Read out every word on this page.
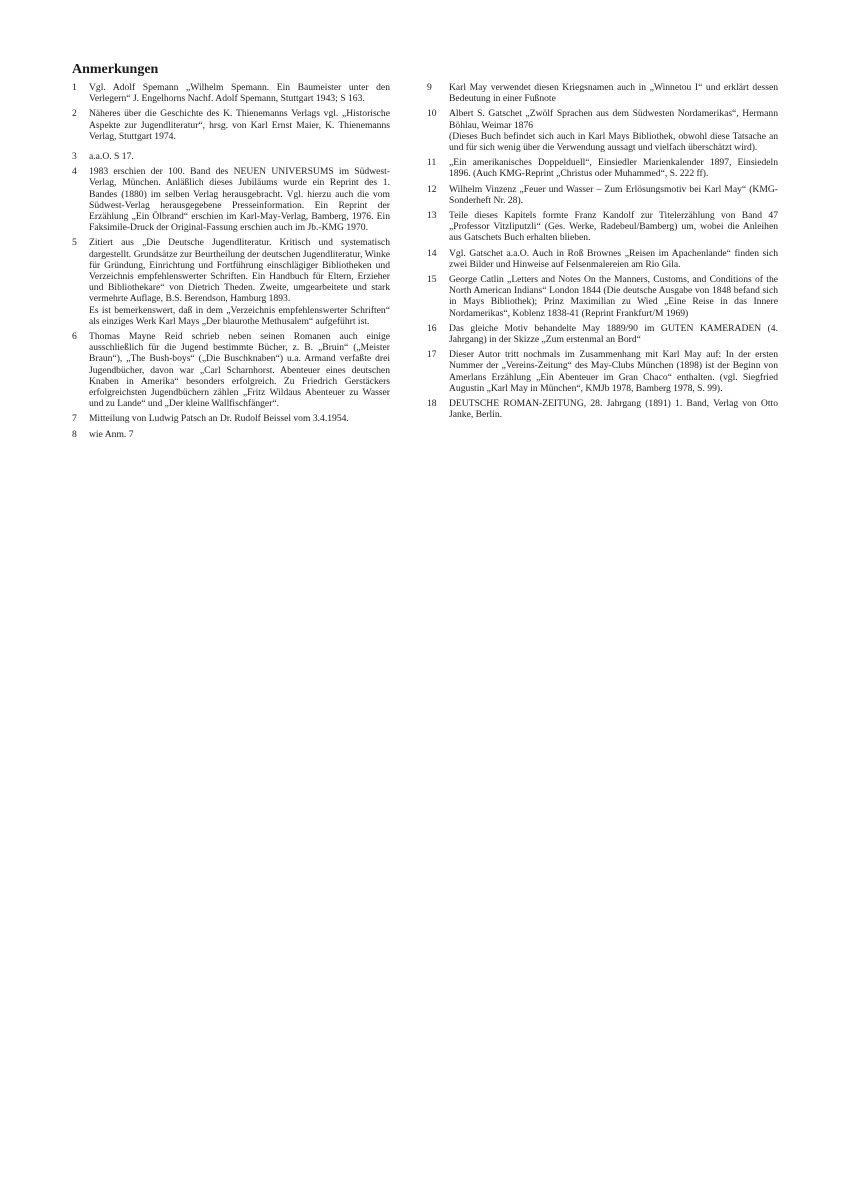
Anmerkungen
1	Vgl. Adolf Spemann „Wilhelm Spemann. Ein Baumeister unter den Verlegern“ J. Engelhorns Nachf. Adolf Spemann, Stuttgart 1943; S 163.
2	Näheres über die Geschichte des K. Thienemanns Verlags vgl. „Historische Aspekte zur Jugendliteratur“, hrsg. von Karl Ernst Maier, K. Thienemanns Verlag, Stuttgart 1974.
3	a.a.O. S 17.
4	1983 erschien der 100. Band des NEUEN UNIVERSUMS im Südwest-Verlag, München. Anläßlich dieses Jubiläums wurde ein Reprint des 1. Bandes (1880) im selben Verlag herausgebracht. Vgl. hierzu auch die vom Südwest-Verlag herausgegebene Presseinformation. Ein Reprint der Erzählung „Ein Ölbrand“ erschien im Karl-May-Verlag, Bamberg, 1976. Ein Faksimile-Druck der Original-Fassung erschien auch im Jb.-KMG 1970.
5	Zitiert aus „Die Deutsche Jugendliteratur. Kritisch und systematisch dargestellt. Grundsätze zur Beurtheilung der deutschen Jugendliteratur, Winke für Gründung, Einrichtung und Fortführung einschlägiger Bibliotheken und Verzeichnis empfehlenswerter Schriften. Ein Handbuch für Eltern, Erzieher und Bibliothekare“ von Dietrich Theden. Zweite, umgearbeitete und stark vermehrte Auflage, B.S. Berendson, Hamburg 1893.
Es ist bemerkenswert, daß in dem „Verzeichnis empfehlenswerter Schriften“ als einziges Werk Karl Mays „Der blaurothe Methusalem“ aufgeführt ist.
6	Thomas Mayne Reid schrieb neben seinen Romanen auch einige ausschließlich für die Jugend bestimmte Bücher, z. B. „Bruin“ („Meister Braun“), „The Bush-boys“ („Die Buschknaben“) u.a. Armand verfaßte drei Jugendbücher, davon war „Carl Scharnhorst. Abenteuer eines deutschen Knaben in Amerika“ besonders erfolgreich. Zu Friedrich Gerstäckers erfolgreichsten Jugendbüchern zählen „Fritz Wildaus Abenteuer zu Wasser und zu Lande“ und „Der kleine Wallfischfänger“.
7	Mitteilung von Ludwig Patsch an Dr. Rudolf Beissel vom 3.4.1954.
8	wie Anm. 7
9	Karl May verwendet diesen Kriegsnamen auch in „Winnetou I“ und erklärt dessen Bedeutung in einer Fußnote
10	Albert S. Gatschet „Zwölf Sprachen aus dem Südwesten Nordamerikas“, Hermann Böhlau, Weimar 1876
(Dieses Buch befindet sich auch in Karl Mays Bibliothek, obwohl diese Tatsache an und für sich wenig über die Verwendung aussagt und vielfach überschätzt wird).
11	„Ein amerikanisches Doppelduell“, Einsiedler Marienkalender 1897, Einsiedeln 1896. (Auch KMG-Reprint „Christus oder Muhammed“, S. 222 ff).
12	Wilhelm Vinzenz „Feuer und Wasser – Zum Erlösungsmotiv bei Karl May“ (KMG-Sonderheft Nr. 28).
13	Teile dieses Kapitels formte Franz Kandolf zur Titelerzählung von Band 47 „Professor Vitzliputzli“ (Ges. Werke, Radebeul/Bamberg) um, wobei die Anleihen aus Gatschets Buch erhalten blieben.
14	Vgl. Gatschet a.a.O. Auch in Roß Brownes „Reisen im Apachenlande“ finden sich zwei Bilder und Hinweise auf Felsenmalereien am Rio Gila.
15	George Catlin „Letters and Notes On the Manners, Customs, and Conditions of the North American Indians“ London 1844 (Die deutsche Ausgabe von 1848 befand sich in Mays Bibliothek); Prinz Maximilian zu Wied „Eine Reise in das Innere Nordamerikas“, Koblenz 1838-41 (Reprint Frankfurt/M 1969)
16	Das gleiche Motiv behandelte May 1889/90 im GUTEN KAMERADEN (4. Jahrgang) in der Skizze „Zum erstenmal an Bord“
17	Dieser Autor tritt nochmals im Zusammenhang mit Karl May auf: In der ersten Nummer der „Vereins-Zeitung“ des May-Clubs München (1898) ist der Beginn von Amerlans Erzählung „Ein Abenteuer im Gran Chaco“ enthalten. (vgl. Siegfried Augustin „Karl May in München“, KMJb 1978, Bamberg 1978, S. 99).
18	DEUTSCHE ROMAN-ZEITUNG, 28. Jahrgang (1891) 1. Band, Verlag von Otto Janke, Berlin.
